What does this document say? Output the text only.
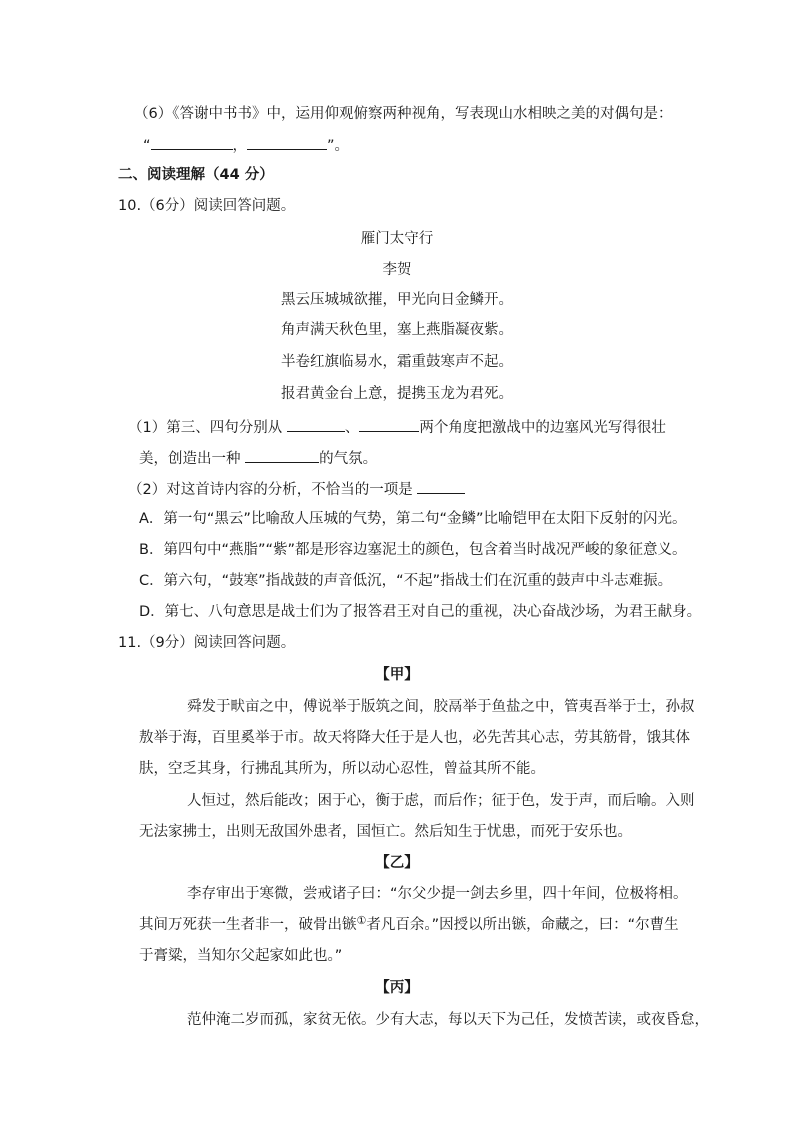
（6）《答谢中书书》中，运用仰观俯察两种视角，写表现山水相映之美的对偶句是：
“	，	”。
二、阅读理解（44 分）
10.（6分）阅读回答问题。
雁门太守行
李贺
黑云压城城欲摧，甲光向日金鳞开。
角声满天秋色里，塞上燕脂凝夜紫。
半卷红旗临易水，霜重鼓寒声不起。
报君黄金台上意，提携玉龙为君死。
（1）第三、四句分别从	、	两个角度把激战中的边塞风光写得很壮
美，创造出一种	的气氛。
（2）对这首诗内容的分析，不恰当的一项是
A．第一句“黑云”比喻敌人压城的气势，第二句“金鳞”比喻铠甲在太阳下反射的闪光。
B．第四句中“燕脂”“紫”都是形容边塞泥土的颜色，包含着当时战况严峻的象征意义。
C．第六句，“鼓寒”指战鼓的声音低沉，“不起”指战士们在沉重的鼓声中斗志难振。
D．第七、八句意思是战士们为了报答君王对自己的重视，决心奋战沙场，为君王献身。
11.（9分）阅读回答问题。
【甲】
舜发于畎亩之中，傅说举于版筑之间，胶鬲举于鱼盐之中，管夷吾举于士，孙叔
敖举于海，百里奚举于市。故天将降大任于是人也，必先苦其心志，劳其筋骨，饿其体
肤，空乏其身，行拂乱其所为，所以动心忍性，曾益其所不能。
人恒过，然后能改；困于心，衡于虑，而后作；征于色，发于声，而后喻。入则
无法家拂士，出则无敌国外患者，国恒亡。然后知生于忧患，而死于安乐也。
【乙】
李存审出于寒微，尝戒诸子曰：“尔父少提一剑去乡里，四十年间，位极将相。
其间万死获一生者非一，破骨出镞①者凡百余。”因授以所出镞，命藏之，曰：“尔曹生
于膏粱，当知尔父起家如此也。”
【丙】
范仲淹二岁而孤，家贫无依。少有大志，每以天下为己任，发愤苦读，或夜昏怠，
